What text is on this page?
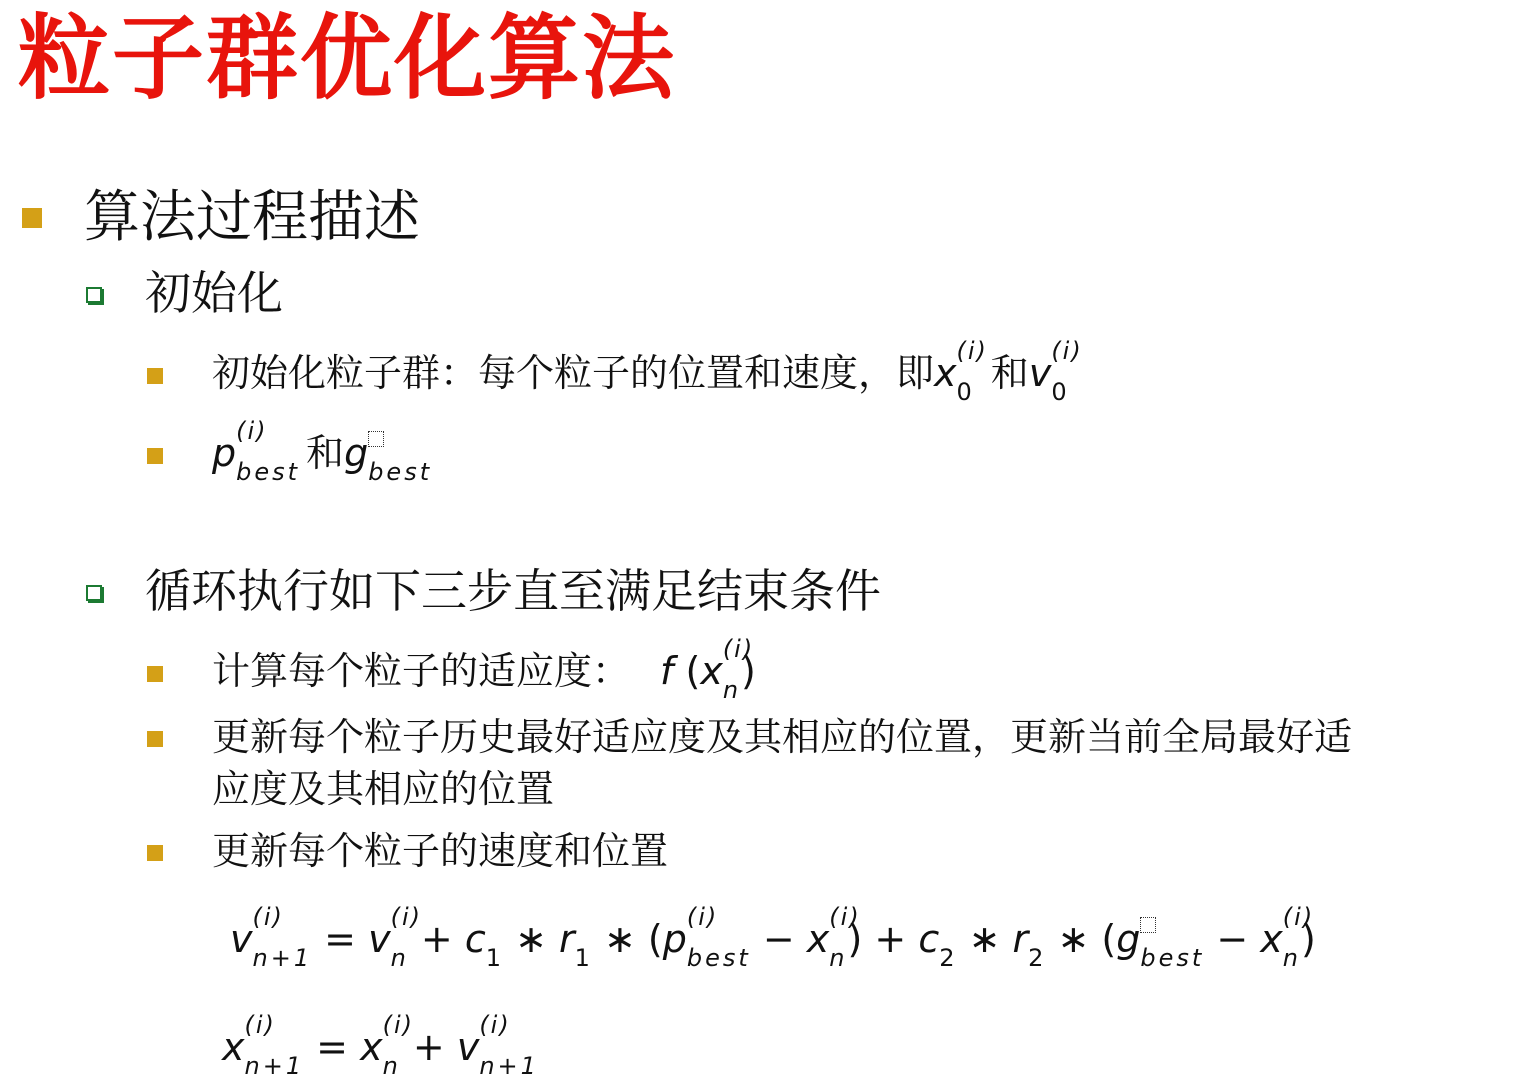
粒子群优化算法
算法过程描述
初始化
初始化粒子群：每个粒子的位置和速度，即x (i)
$_0$ 和v (i)
$_0$
p (i)
$_{best}$ 和g
$_{best}$
循环执行如下三步直至满足结束条件
计算每个粒子的适应度： f (x (i)
$_n$)
更新每个粒子历史最好适应度及其相应的位置，更新当前全局最好适
应度及其相应的位置
更新每个粒子的速度和位置
v (i)
$_{n+1}$ = v (i)
$_n + c_1$ ∗ $r_1$ ∗ (p (i)
$_{best}$ − x (i)
$_n) + c_2$ ∗ $r_2$ ∗ (g
$_{best}$ − x (i)
$_n$)
x (i)
$_{n+1}$ = x (i)
$_n$ + v (i)
$_{n+1}$
